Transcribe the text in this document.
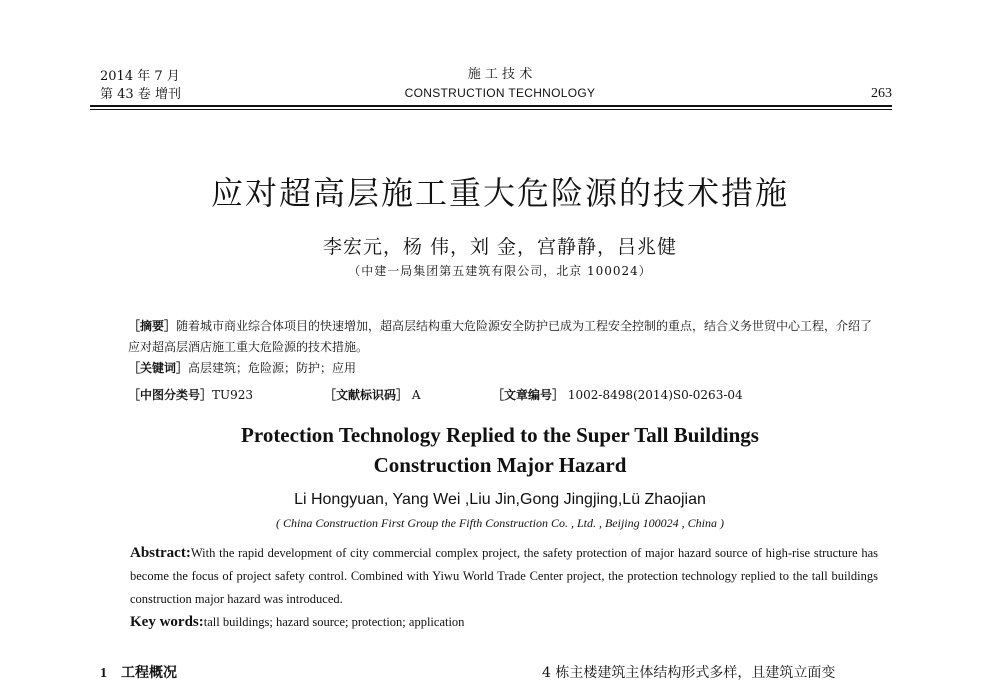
2014 年 7 月
第 43 卷 增刊
施 工 技 术
CONSTRUCTION TECHNOLOGY	263
应对超高层施工重大危险源的技术措施
李宏元，杨 伟，刘 金，宫静静，吕兆健
（中建一局集团第五建筑有限公司，北京 100024）
［摘要］随着城市商业综合体项目的快速增加，超高层结构重大危险源安全防护已成为工程安全控制的重点，结合义务世贸中心工程，介绍了应对超高层酒店施工重大危险源的技术措施。
［关键词］高层建筑；危险源；防护；应用
［中图分类号］TU923	［文献标识码］ A	［文章编号］ 1002-8498(2014)S0-0263-04
Protection Technology Replied to the Super Tall Buildings
Construction Major Hazard
Li Hongyuan, Yang Wei ,Liu Jin,Gong Jingjing,Lü Zhaojian
( China Construction First Group the Fifth Construction Co. , Ltd. , Beijing 100024 , China )
Abstract:With the rapid development of city commercial complex project, the safety protection of major hazard source of high-rise structure has become the focus of project safety control. Combined with Yiwu World Trade Center project, the protection technology replied to the tall buildings construction major hazard was introduced.
Key words:tall buildings; hazard source; protection; application
1 工程概况	4 栋主楼建筑主体结构形式多样，且建筑立面变
